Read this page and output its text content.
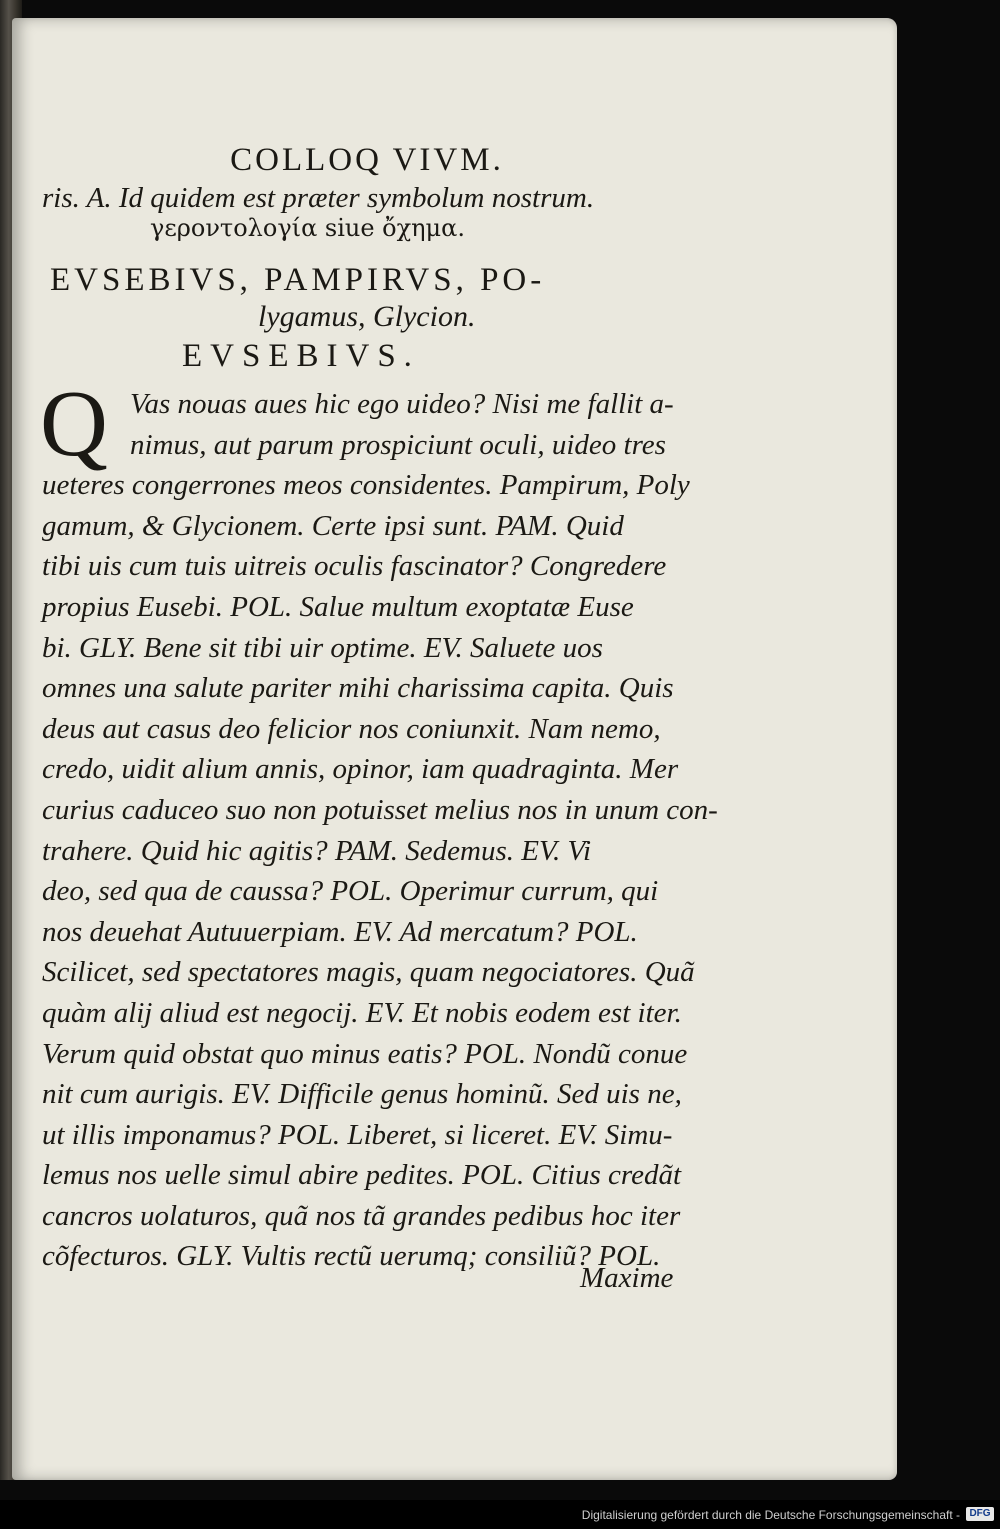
COLLOQ VIVM.
ris. A. Id quidem est prӕter symbolum nostrum.
γεροντολογία siue ὄχημα.
EVSEBIVS, PAMPIRVS, PO-
lygamus, Glycion.
EVSEBIVS.
Q Vas nouas aues hic ego uideo? Nisi me fallit a-
nimus, aut parum prospiciunt oculi, uideo tres
ueteres congerrones meos considentes. Pampirum, Poly
gamum, & Glycionem. Certe ipsi sunt. PAM. Quid
tibi uis cum tuis uitreis oculis fascinator? Congredere
propius Eusebi. POL. Salue multum exoptatӕ Euse
bi. GLY. Bene sit tibi uir optime. EV. Saluete uos
omnes una salute pariter mihi charissima capita. Quis
deus aut casus deo felicior nos coniunxit. Nam nemo,
credo, uidit alium annis, opinor, iam quadraginta. Mer
curius caduceo suo non potuisset melius nos in unum con-
trahere. Quid hic agitis? PAM. Sedemus. EV. Vi
deo, sed qua de caussa? POL. Operimur currum, qui
nos deuehat Autuuerpiam. EV. Ad mercatum? POL.
Scilicet, sed spectatores magis, quam negociatores. Quã
quàm alij aliud est negocij. EV. Et nobis eodem est iter.
Verum quid obstat quo minus eatis? POL. Nondũ conue
nit cum aurigis. EV. Difficile genus hominũ. Sed uis ne,
ut illis imponamus? POL. Liberet, si liceret. EV. Simu-
lemus nos uelle simul abire pedites. POL. Citius credãt
cancros uolaturos, quã nos tã grandes pedibus hoc iter
cõfecturos. GLY. Vultis rectũ uerumq; consiliũ? POL.
Maxime
Digitalisierung gefördert durch die Deutsche Forschungsgemeinschaft - DFG
